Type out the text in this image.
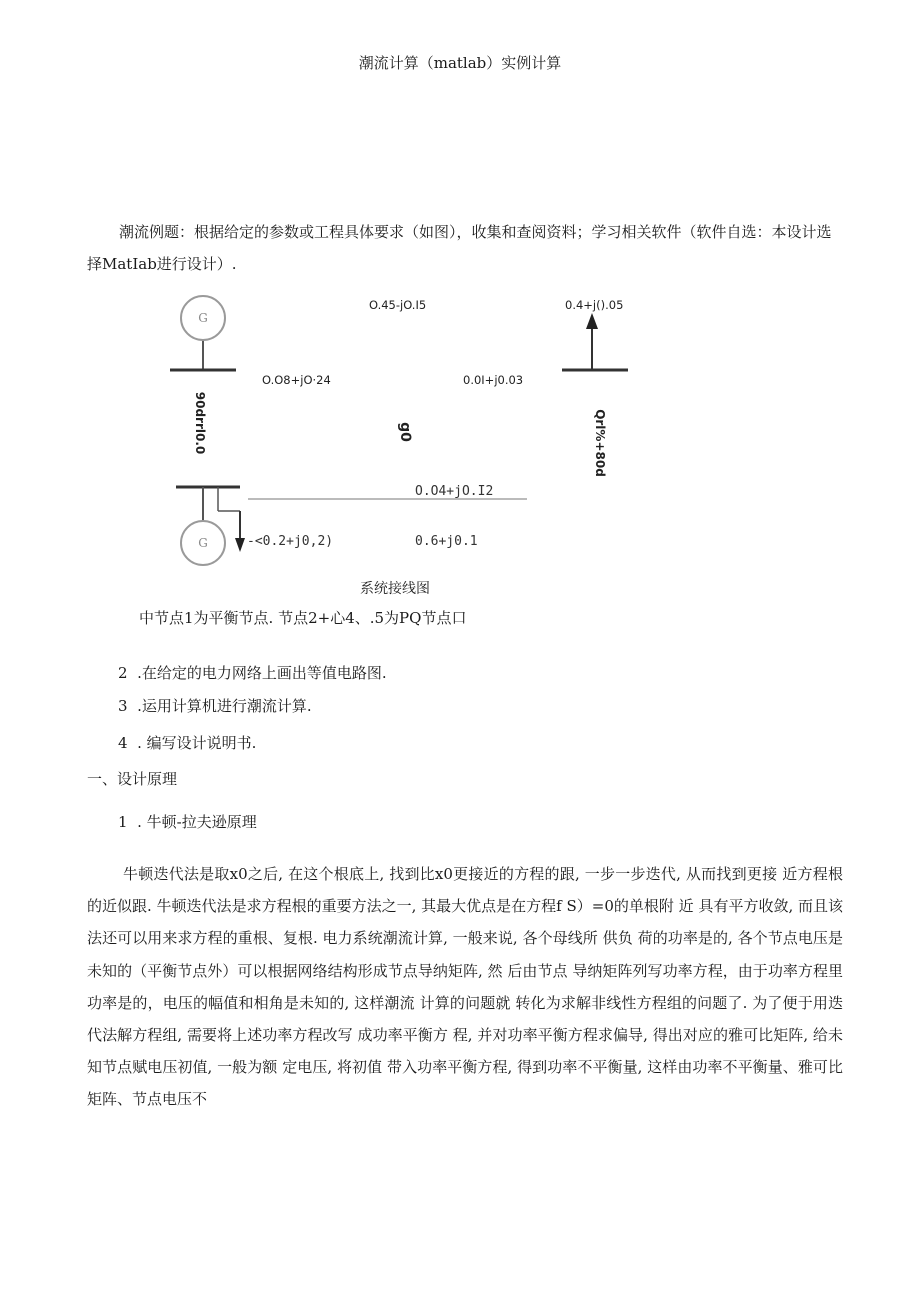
潮流计算（matlab）实例计算
潮流例题：根据给定的参数或工程具体要求（如图），收集和查阅资料；学习相关软件（软件自选：本设计选择MatIab进行设计）.
G
G
O.45-jO.I5	0.4+j().05
O.O8+jO·24	0.0I+j0.03
90drrl0.0	g0	Qrl%+80d
O.O4+jO.I2
-<0.2+j0,2)	0.6+j0.1
系统接线图
中节点1为平衡节点. 节点2+心4、.5为PQ节点口
2 .在给定的电力网络上画出等值电路图.
3 .运用计算机进行潮流计算.
4 . 编写设计说明书.
一、设计原理
1 . 牛顿-拉夫逊原理
牛顿迭代法是取x0之后, 在这个根底上, 找到比x0更接近的方程的跟, 一步一步迭代, 从而找到更接 近方程根的近似跟. 牛顿迭代法是求方程根的重要方法之一, 其最大优点是在方程f S）=0的单根附 近 具有平方收敛, 而且该法还可以用来求方程的重根、复根. 电力系统潮流计算, 一般来说, 各个母线所 供负 荷的功率是的, 各个节点电压是未知的（平衡节点外）可以根据网络结构形成节点导纳矩阵, 然 后由节点 导纳矩阵列写功率方程，由于功率方程里功率是的，电压的幅值和相角是未知的, 这样潮流 计算的问题就 转化为求解非线性方程组的问题了. 为了便于用迭代法解方程组, 需要将上述功率方程改写 成功率平衡方 程, 并对功率平衡方程求偏导, 得出对应的雅可比矩阵, 给未知节点赋电压初值, 一般为额 定电压, 将初值 带入功率平衡方程, 得到功率不平衡量, 这样由功率不平衡量、雅可比矩阵、节点电压不
